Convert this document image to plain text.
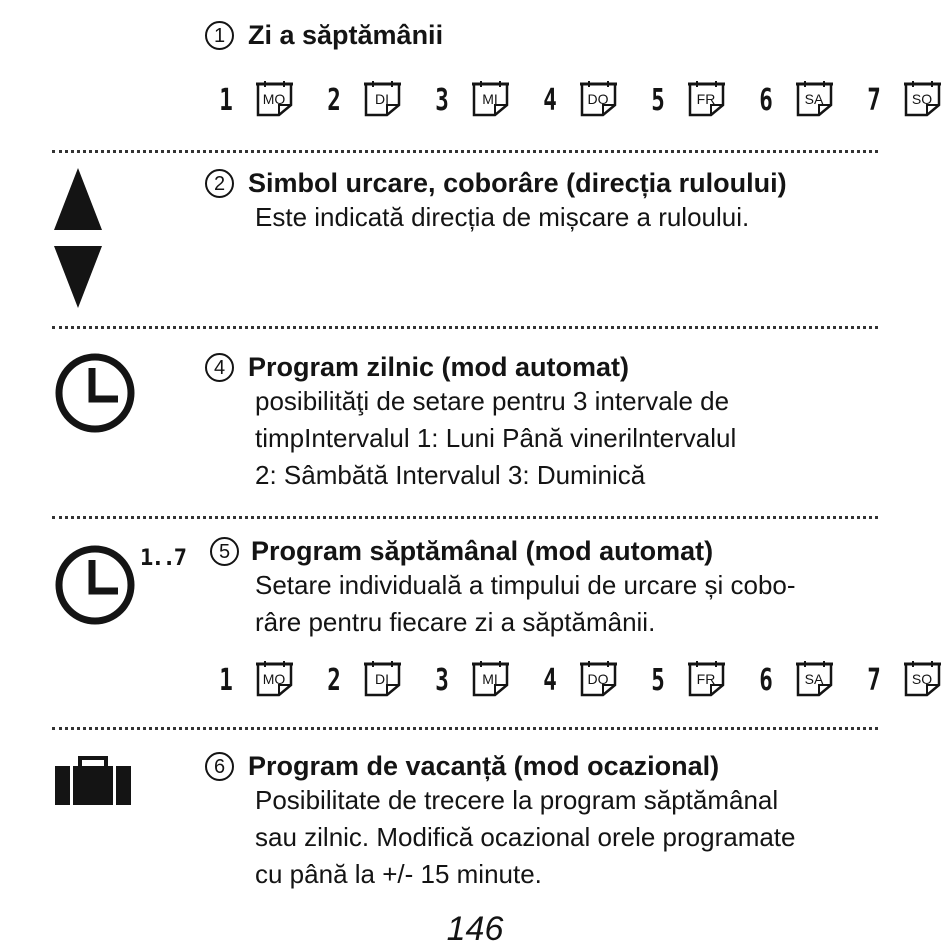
1 Zi a săptămânii
1 MO 2	DI 3	MI 4 DO 5	FR 6	SA 7 SO
2 Simbol urcare, coborâre (direcția ruloului)
Este indicată direcția de mișcare a ruloului.
4 Program zilnic (mod automat)
posibilităţi de setare pentru 3 intervale de
timpIntervalul 1: Luni Până vinerilntervalul
2: Sâmbătă Intervalul 3: Duminică
1..7 5 Program săptămânal (mod automat)
Setare individuală a timpului de urcare și cobo-
râre pentru fiecare zi a săptămânii.
1 MO 2	DI 3	MI 4 DO 5	FR 6	SA 7 SO
6 Program de vacanță (mod ocazional)
Posibilitate de trecere la program săptămânal
sau zilnic. Modifică ocazional orele programate
cu până la +/- 15 minute.
146
